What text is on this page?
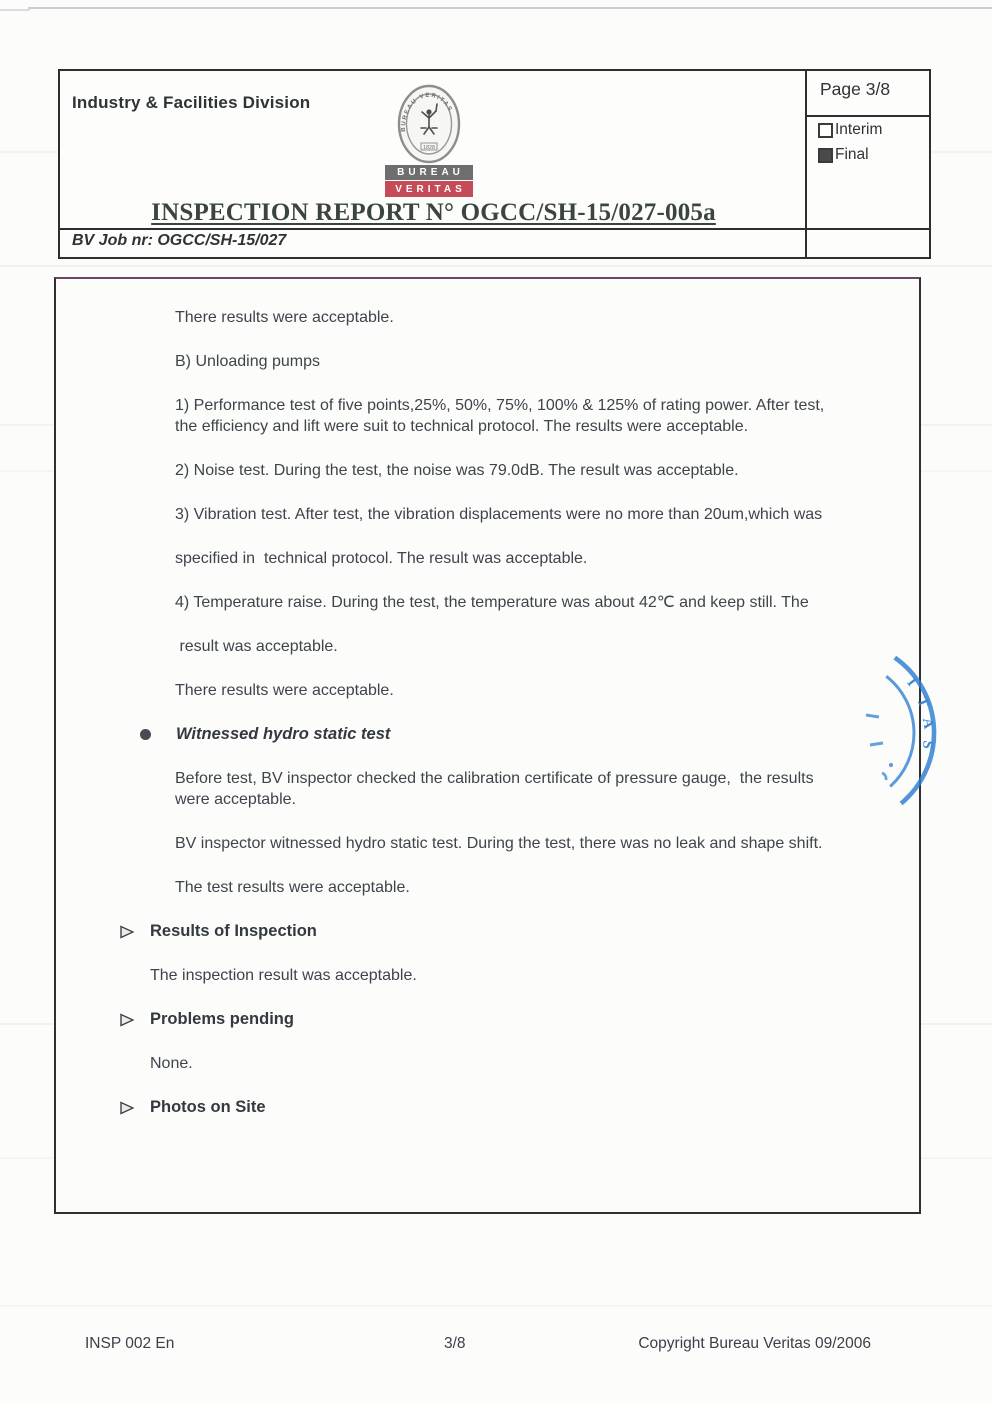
Industry & Facilities Division
BUREAU VERITAS
1828
BUREAU
VERITAS
Page 3/8
Interim
Final
INSPECTION REPORT N° OGCC/SH-15/027-005a
BV Job nr: OGCC/SH-15/027
There results were acceptable.
B) Unloading pumps
1) Performance test of five points,25%, 50%, 75%, 100% & 125% of rating power. After test,
the efficiency and lift were suit to technical protocol. The results were acceptable.
2) Noise test. During the test, the noise was 79.0dB. The result was acceptable.
3) Vibration test. After test, the vibration displacements were no more than 20um,which was
specified in  technical protocol. The result was acceptable.
4) Temperature raise. During the test, the temperature was about 42℃ and keep still. The
result was acceptable.
There results were acceptable.
Witnessed hydro static test
Before test, BV inspector checked the calibration certificate of pressure gauge,  the results
were acceptable.
BV inspector witnessed hydro static test. During the test, there was no leak and shape shift.
The test results were acceptable.
Results of Inspection
The inspection result was acceptable.
Problems pending
None.
Photos on Site
I
T
A
S
INSP 002 En	3/8	Copyright Bureau Veritas 09/2006
